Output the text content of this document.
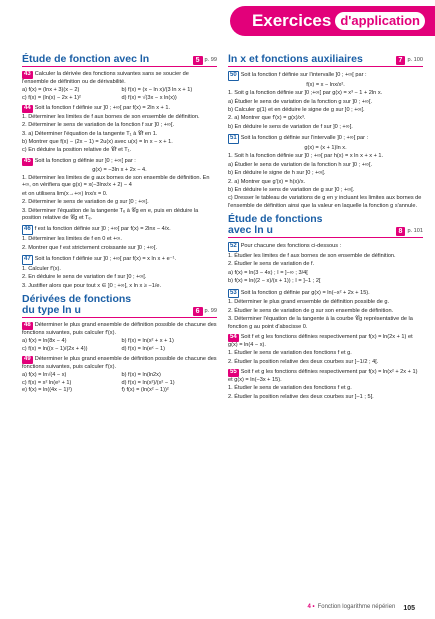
Exercices d'application
Étude de fonction avec ln	5 p. 99

43 Calculer la dérivée des fonctions suivantes sans se soucier de l'ensemble de définition ou de dérivabilité.

a) f(x) = (lnx + 3)(x − 2)	b) f(x) = (x − ln x)/(3 ln x + 1)
c) f(x) = (ln(x) − 2x + 1)²	d) f(x) = √(3x − x ln(x))

44 Soit la fonction f définie sur ]0 ; +∞[ par f(x) = 2ln x + 1.

1. Déterminer les limites de f aux bornes de son ensemble de définition.

2. Déterminer le sens de variation de la fonction f sur ]0 ; +∞[.

3. a) Déterminer l'équation de la tangente T₁ à 𝒞f en 1.

b) Montrer que f(x) − (2x − 1) = 2u(x) avec u(x) = ln x − x + 1.

c) En déduire la position relative de 𝒞f et T₁.

45 Soit la fonction g définie sur ]0 ; +∞[ par :

g(x) = −3ln x + 2x − 4.

1. Déterminer les limites de g aux bornes de son ensemble de définition. En +∞, on vérifiera que g(x) = x(−3lnx/x + 2) − 4

et on utilisera lim(x→+∞) lnx/x = 0.

2. Déterminer le sens de variation de g sur ]0 ; +∞[.

3. Déterminer l'équation de la tangente Tₑ à 𝒞g en e, puis en déduire la position relative de 𝒞g et Tₑ.

46 f est la fonction définie sur ]0 ; +∞[ par f(x) = 2lnx − 4/x.

1. Déterminer les limites de f en 0 et +∞.

2. Montrer que f est strictement croissante sur ]0 ; +∞[.

47 Soit la fonction f définie sur ]0 ; +∞[ par f(x) = x ln x + e⁻¹.

1. Calculer f′(x).

2. En déduire le sens de variation de f sur ]0 ; +∞[.

3. Justifier alors que pour tout x ∈ ]0 ; +∞[, x ln x ≥ −1/e.

Dérivées de fonctions
du type ln u	6 p. 99

48 Déterminer le plus grand ensemble de définition possible de chacune des fonctions suivantes, puis calculer f′(x).

a) f(x) = ln(8x − 4)	b) f(x) = ln(x² + x + 1)
c) f(x) = ln((x − 1)/(2x + 4))	d) f(x) = ln(eˣ − 1)

49 Déterminer le plus grand ensemble de définition possible de chacune des fonctions suivantes, puis calculer f′(x).

a) f(x) = ln√(4 − x)	b) f(x) = ln(ln2x)
c) f(x) = x² ln(eˣ + 1)	d) f(x) = ln(x²)/(x² − 1)
e) f(x) = ln((4x − 1)²)	f) f(x) = (ln(x² − 1))²
ln x et fonctions auxiliaires	7 p. 100

50 Soit la fonction f définie sur l'intervalle ]0 ; +∞[ par :

f(x) = x − lnx/x².

1. Soit g la fonction définie sur ]0 ;+∞[ par g(x) = x³ − 1 + 2ln x.

a) Étudier le sens de variation de la fonction g sur ]0 ; +∞[.

b) Calculer g(1) et en déduire le signe de g sur ]0 ; +∞[.

2. a) Montrer que f′(x) = g(x)/x³.

b) En déduire le sens de variation de f sur ]0 ; +∞[.

51 Soit la fonction g définie sur l'intervalle ]0 ; +∞[ par :

g(x) = (x + 1)ln x.

1. Soit h la fonction définie sur ]0 ; +∞[ par h(x) = x ln x + x + 1.

a) Étudier le sens de variation de la fonction h sur ]0 ; +∞[.

b) En déduire le signe de h sur ]0 ; +∞[.

2. a) Montrer que g′(x) = h(x)/x.

b) En déduire le sens de variation de g sur ]0 ; +∞[.

c) Dresser le tableau de variations de g en y incluant les limites aux bornes de l'ensemble de définition ainsi que la valeur en laquelle la fonction g s'annule.

Étude de fonctions
avec ln u	8 p. 101

52 Pour chacune des fonctions ci-dessous :

1. Étudier les limites de f aux bornes de son ensemble de définition.

2. Étudier le sens de variation de f.

a) f(x) = ln(3 − 4x) ; I = ]−∞ ; 3/4[

b) f(x) = ln((2 − x)/(x + 1)) ; I = ]−1 ; 2[

53 Soit la fonction g définie par g(x) = ln(−x² + 2x + 15).

1. Déterminer le plus grand ensemble de définition possible de g.

2. Étudier le sens de variation de g sur son ensemble de définition.

3. Déterminer l'équation de la tangente à la courbe 𝒞g représentative de la fonction g au point d'abscisse 0.

54 Soit f et g les fonctions définies respectivement par f(x) = ln(2x + 1) et g(x) = ln(4 − x).

1. Étudier le sens de variation des fonctions f et g.

2. Étudier la position relative des deux courbes sur ]−1/2 ; 4[.

55 Soit f et g les fonctions définies respectivement par f(x) = ln(x² + 2x + 1) et g(x) = ln(−3x + 15).

1. Étudier le sens de variation des fonctions f et g.

2. Étudier la position relative des deux courbes sur ]−1 ; 5[.

4 • Fonction logarithme népérien 105
